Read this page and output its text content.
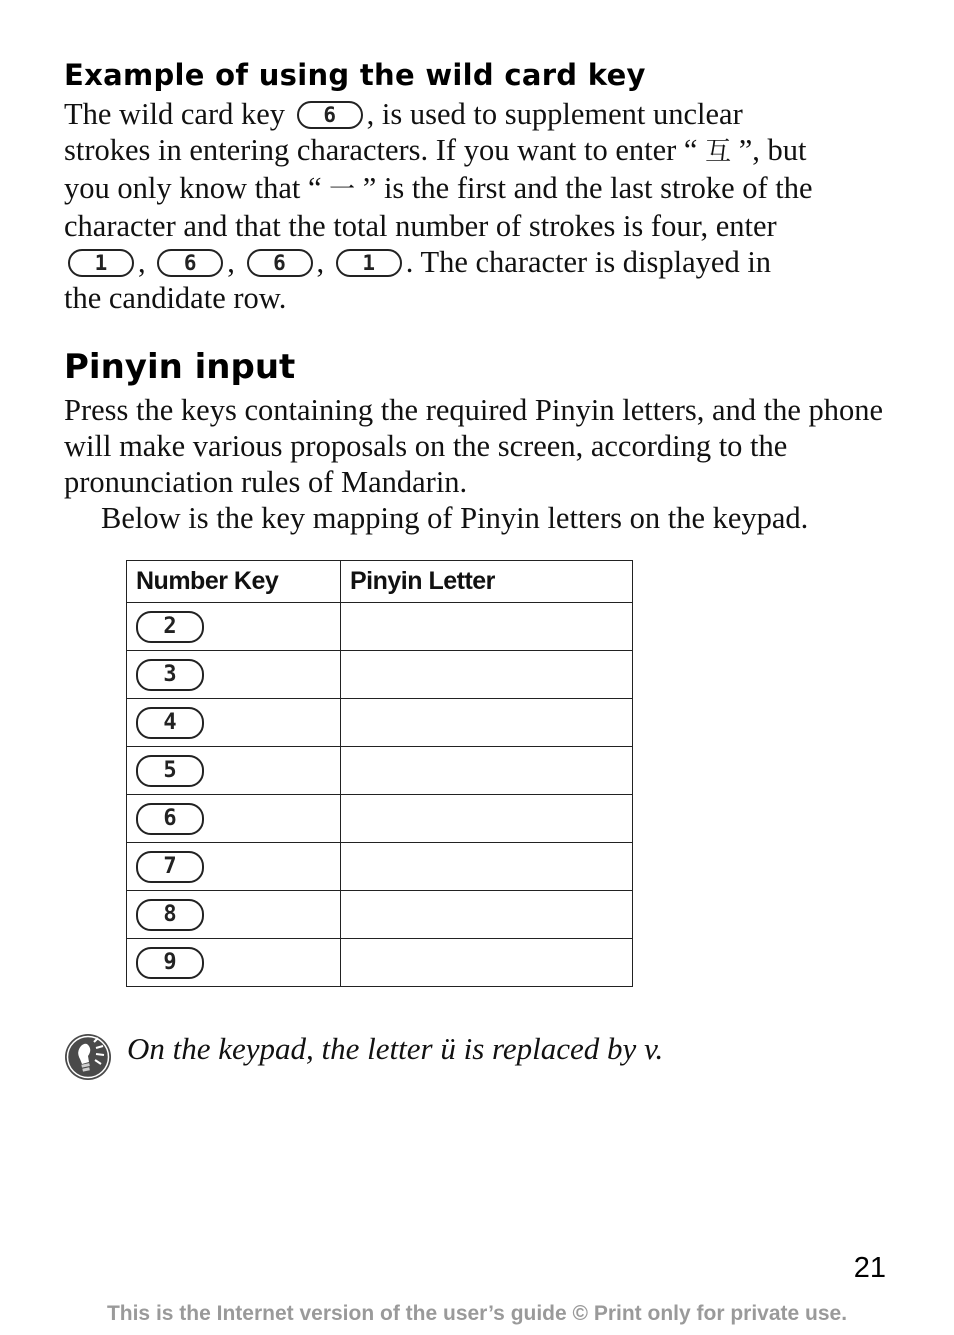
Example of using the wild card key

The wild card key 6 , is used to supplement unclear
strokes in entering characters. If you want to enter “ 互 ”, but
you only know that “ 一 ” is the first and the last stroke of the
character and that the total number of strokes is four, enter
1 , 6 , 6 , 1 . The character is displayed in
the candidate row.

Pinyin input

Press the keys containing the required Pinyin letters, and the phone will make various proposals on the screen, according to the pronunciation rules of Mandarin.

Below is the key mapping of Pinyin letters on the keypad.

Number Key	Pinyin Letter
2	
3	
4	
5	
6	
7	
8	
9	
On the keypad, the letter ü is replaced by v.
21
This is the Internet version of the user’s guide © Print only for private use.
